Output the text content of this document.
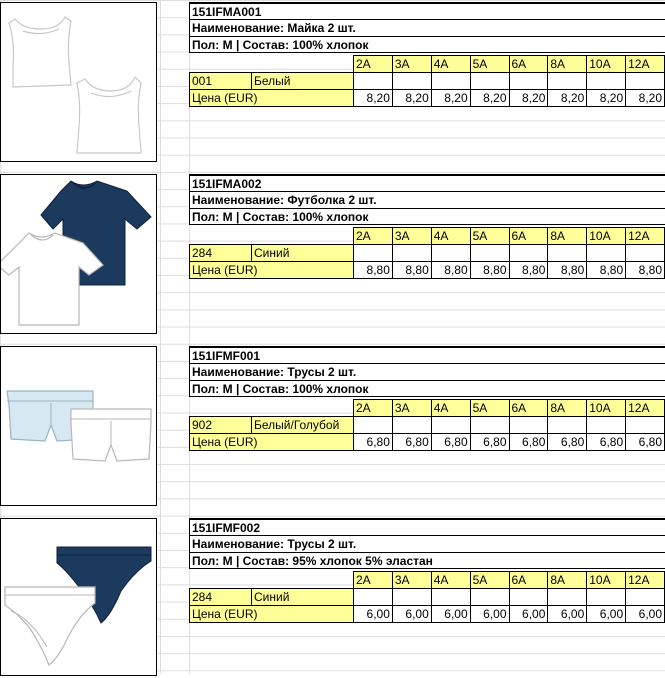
151IFMA001
Наименование: Майка 2 шт.
Пол: M | Состав: 100% хлопок
		2A	3A	4A	5A	6A	8A	10A	12A
001	Белый								
Цена (EUR)		8,20	8,20	8,20	8,20	8,20	8,20	8,20	8,20
151IFMA002
Наименование: Футболка 2 шт.
Пол: M | Состав: 100% хлопок
		2A	3A	4A	5A	6A	8A	10A	12A
284	Синий								
Цена (EUR)		8,80	8,80	8,80	8,80	8,80	8,80	8,80	8,80
151IFMF001
Наименование: Трусы 2 шт.
Пол: M | Состав: 100% хлопок
		2A	3A	4A	5A	6A	8A	10A	12A
902	Белый/Голубой								
Цена (EUR)		6,80	6,80	6,80	6,80	6,80	6,80	6,80	6,80
151IFMF002
Наименование: Трусы 2 шт.
Пол: M | Состав: 95% хлопок 5% эластан
		2A	3A	4A	5A	6A	8A	10A	12A
284	Синий								
Цена (EUR)		6,00	6,00	6,00	6,00	6,00	6,00	6,00	6,00
